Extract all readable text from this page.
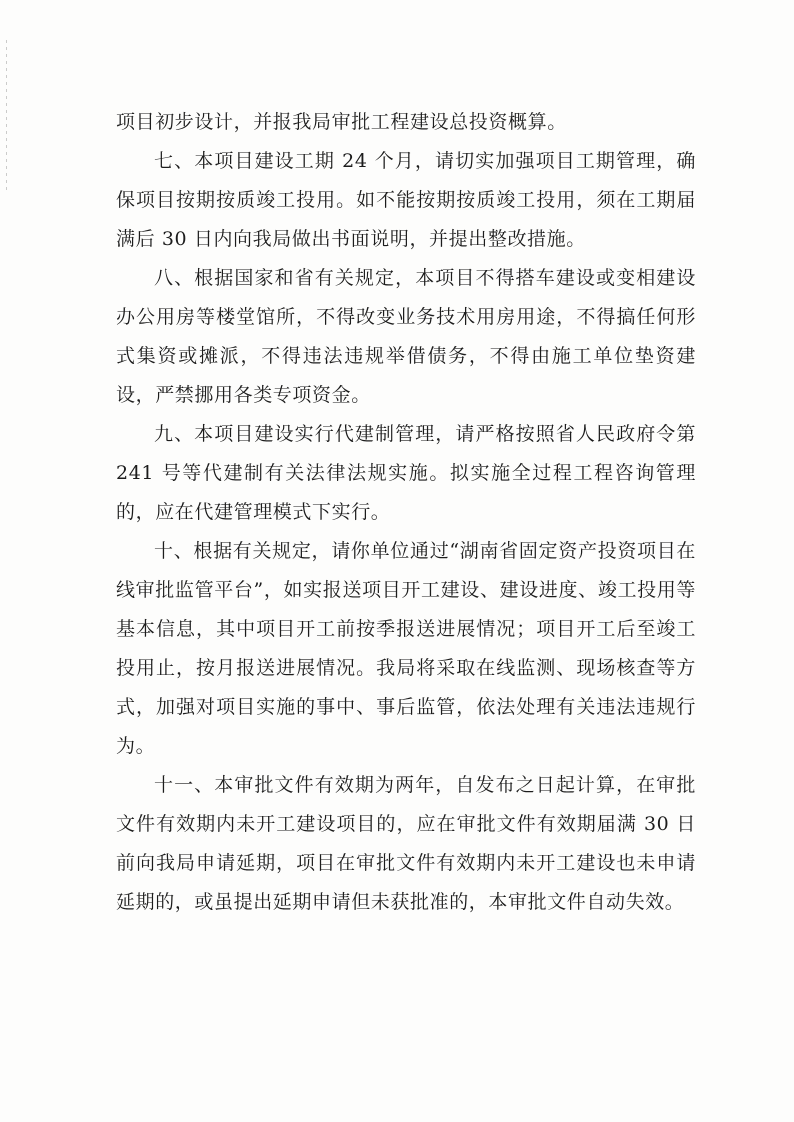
项目初步设计，并报我局审批工程建设总投资概算。

七、本项目建设工期 24 个月，请切实加强项目工期管理，确保项目按期按质竣工投用。如不能按期按质竣工投用，须在工期届满后 30 日内向我局做出书面说明，并提出整改措施。

八、根据国家和省有关规定，本项目不得搭车建设或变相建设办公用房等楼堂馆所，不得改变业务技术用房用途，不得搞任何形式集资或摊派，不得违法违规举借债务，不得由施工单位垫资建设，严禁挪用各类专项资金。

九、本项目建设实行代建制管理，请严格按照省人民政府令第 241 号等代建制有关法律法规实施。拟实施全过程工程咨询管理的，应在代建管理模式下实行。

十、根据有关规定，请你单位通过“湖南省固定资产投资项目在线审批监管平台”，如实报送项目开工建设、建设进度、竣工投用等基本信息，其中项目开工前按季报送进展情况；项目开工后至竣工投用止，按月报送进展情况。我局将采取在线监测、现场核查等方式，加强对项目实施的事中、事后监管，依法处理有关违法违规行为。

十一、本审批文件有效期为两年，自发布之日起计算，在审批文件有效期内未开工建设项目的，应在审批文件有效期届满 30 日前向我局申请延期，项目在审批文件有效期内未开工建设也未申请延期的，或虽提出延期申请但未获批准的，本审批文件自动失效。
